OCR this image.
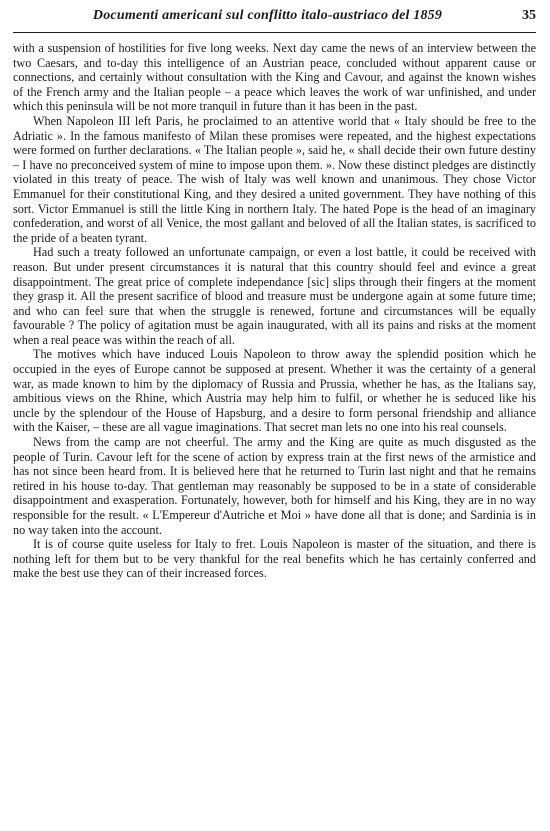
Documenti americani sul conflitto italo-austriaco del 1859	35

with a suspension of hostilities for five long weeks. Next day came the news of an interview between the two Caesars, and to-day this intelligence of an Austrian peace, concluded without apparent cause or connections, and certainly without consultation with the King and Cavour, and against the known wishes of the French army and the Italian people – a peace which leaves the work of war unfinished, and under which this peninsula will be not more tranquil in future than it has been in the past.

When Napoleon III left Paris, he proclaimed to an attentive world that « Italy should be free to the Adriatic ». In the famous manifesto of Milan these promises were repeated, and the highest expectations were formed on further declarations. « The Italian people », said he, « shall decide their own future destiny – I have no preconceived system of mine to impose upon them. ». Now these distinct pledges are distinctly violated in this treaty of peace. The wish of Italy was well known and unanimous. They chose Victor Emmanuel for their constitutional King, and they desired a united government. They have nothing of this sort. Victor Emmanuel is still the little King in northern Italy. The hated Pope is the head of an imaginary confederation, and worst of all Venice, the most gallant and beloved of all the Italian states, is sacrificed to the pride of a beaten tyrant.

Had such a treaty followed an unfortunate campaign, or even a lost battle, it could be received with reason. But under present circumstances it is natural that this country should feel and evince a great disappointment. The great price of complete independance [sic] slips through their fingers at the moment they grasp it. All the present sacrifice of blood and treasure must be undergone again at some future time; and who can feel sure that when the struggle is renewed, fortune and circumstances will be equally favourable ? The policy of agitation must be again inaugurated, with all its pains and risks at the moment when a real peace was within the reach of all.

The motives which have induced Louis Napoleon to throw away the splendid position which he occupied in the eyes of Europe cannot be supposed at present. Whether it was the certainty of a general war, as made known to him by the diplomacy of Russia and Prussia, whether he has, as the Italians say, ambitious views on the Rhine, which Austria may help him to fulfil, or whether he is seduced like his uncle by the splendour of the House of Hapsburg, and a desire to form personal friendship and alliance with the Kaiser, – these are all vague imaginations. That secret man lets no one into his real counsels.

News from the camp are not cheerful. The army and the King are quite as much disgusted as the people of Turin. Cavour left for the scene of action by express train at the first news of the armistice and has not since been heard from. It is believed here that he returned to Turin last night and that he remains retired in his house to-day. That gentleman may reasonably be supposed to be in a state of considerable disappointment and exasperation. Fortunately, however, both for himself and his King, they are in no way responsible for the result. « L'Empereur d'Autriche et Moi » have done all that is done; and Sardinia is in no way taken into the account.

It is of course quite useless for Italy to fret. Louis Napoleon is master of the situation, and there is nothing left for them but to be very thankful for the real benefits which he has certainly conferred and make the best use they can of their increased forces.
